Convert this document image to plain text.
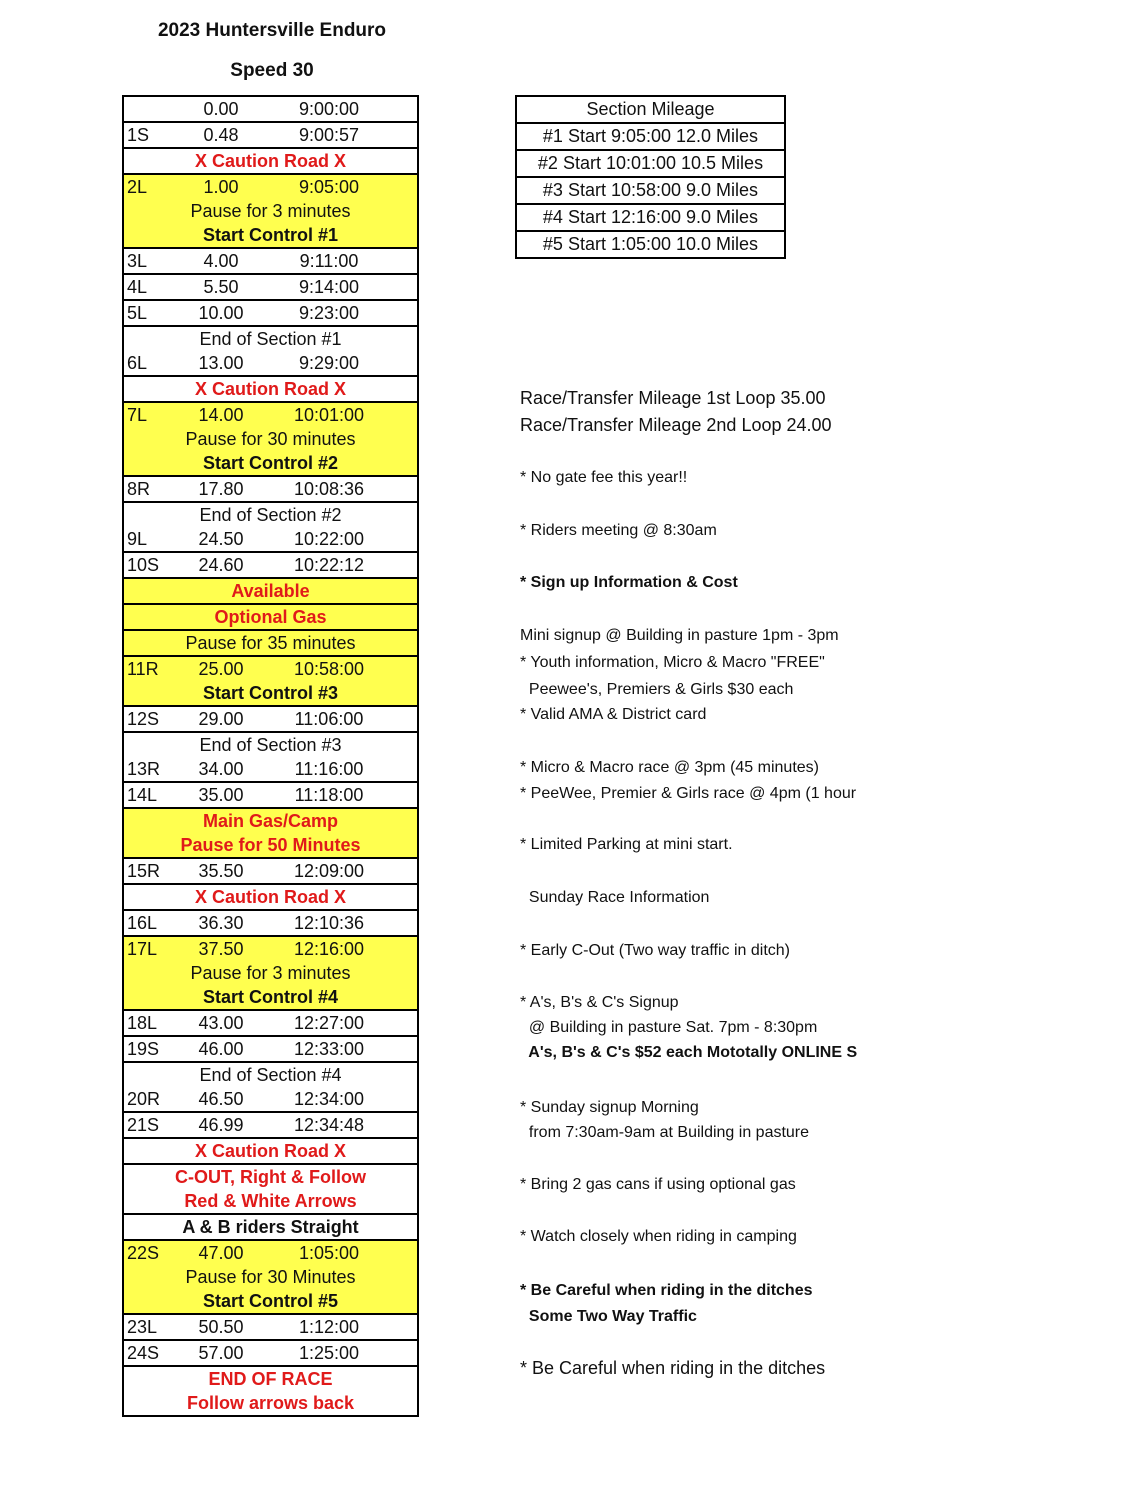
2023 Huntersville Enduro
Speed 30
0.00	9:00:00
1S	0.48	9:00:57
X Caution Road X
2L	1.00	9:05:00
Pause for 3 minutes
Start Control #1
3L	4.00	9:11:00
4L	5.50	9:14:00
5L	10.00	9:23:00
End of Section #1
6L	13.00	9:29:00
X Caution Road X
7L	14.00	10:01:00
Pause for 30 minutes
Start Control #2
8R	17.80	10:08:36
End of Section #2
9L	24.50	10:22:00
10S	24.60	10:22:12
Available
Optional Gas
Pause for 35 minutes
11R	25.00	10:58:00
Start Control #3
12S	29.00	11:06:00
End of Section #3
13R	34.00	11:16:00
14L	35.00	11:18:00
Main Gas/Camp
Pause for 50 Minutes
15R	35.50	12:09:00
X Caution Road X
16L	36.30	12:10:36
17L	37.50	12:16:00
Pause for 3 minutes
Start Control #4
18L	43.00	12:27:00
19S	46.00	12:33:00
End of Section #4
20R	46.50	12:34:00
21S	46.99	12:34:48
X Caution Road X
C-OUT, Right & Follow
Red & White Arrows
A & B riders Straight
22S	47.00	1:05:00
Pause for 30 Minutes
Start Control #5
23L	50.50	1:12:00
24S	57.00	1:25:00
END OF RACE
Follow arrows back
Section Mileage
#1 Start 9:05:00 12.0 Miles
#2 Start 10:01:00 10.5 Miles
#3 Start 10:58:00 9.0 Miles
#4 Start 12:16:00 9.0 Miles
#5 Start 1:05:00 10.0 Miles
Race/Transfer Mileage 1st Loop 35.00
Race/Transfer Mileage 2nd Loop 24.00
* No gate fee this year!!
* Riders meeting @ 8:30am
* Sign up Information & Cost
Mini signup @ Building in pasture 1pm - 3pm
* Youth information, Micro & Macro "FREE"
Peewee's, Premiers & Girls $30 each
* Valid AMA & District card
* Micro & Macro race @ 3pm (45 minutes)
* PeeWee, Premier & Girls race @ 4pm (1 hour
* Limited Parking at mini start.
Sunday Race Information
* Early C-Out (Two way traffic in ditch)
* A's, B's & C's Signup
@ Building in pasture Sat. 7pm - 8:30pm
A's, B's & C's $52 each Mototally ONLINE S
* Sunday signup Morning
from 7:30am-9am at Building in pasture
* Bring 2 gas cans if using optional gas
* Watch closely when riding in camping
* Be Careful when riding in the ditches
Some Two Way Traffic
* Be Careful when riding in the ditches
